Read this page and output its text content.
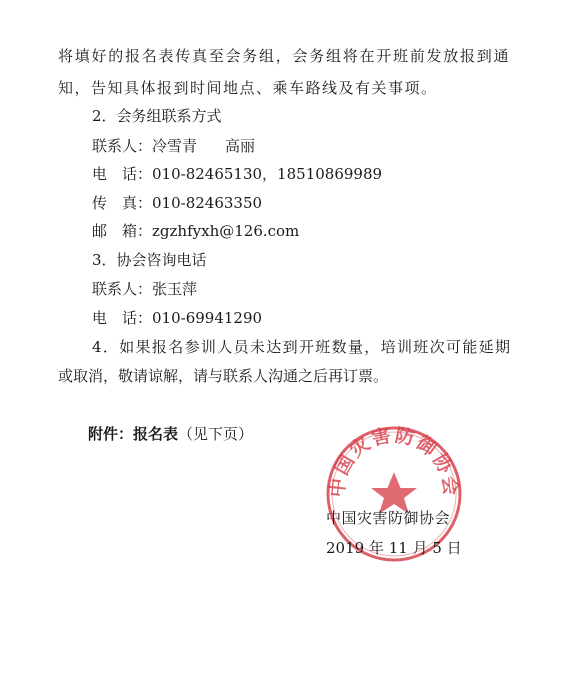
将填好的报名表传真至会务组，会务组将在开班前发放报到通
知，告知具体报到时间地点、乘车路线及有关事项。
2．会务组联系方式
联系人：冷雪青 高丽
电　话：010-82465130，18510869989
传　真：010-82463350
邮　箱：zgzhfyxh@126.com
3．协会咨询电话
联系人：张玉萍
电　话：010-69941290
4．如果报名参训人员未达到开班数量，培训班次可能延期
或取消，敬请谅解，请与联系人沟通之后再订票。
附件：报名表（见下页）
中国灾害防御协会
中国灾害防御协会
2019 年 11 月 5 日
